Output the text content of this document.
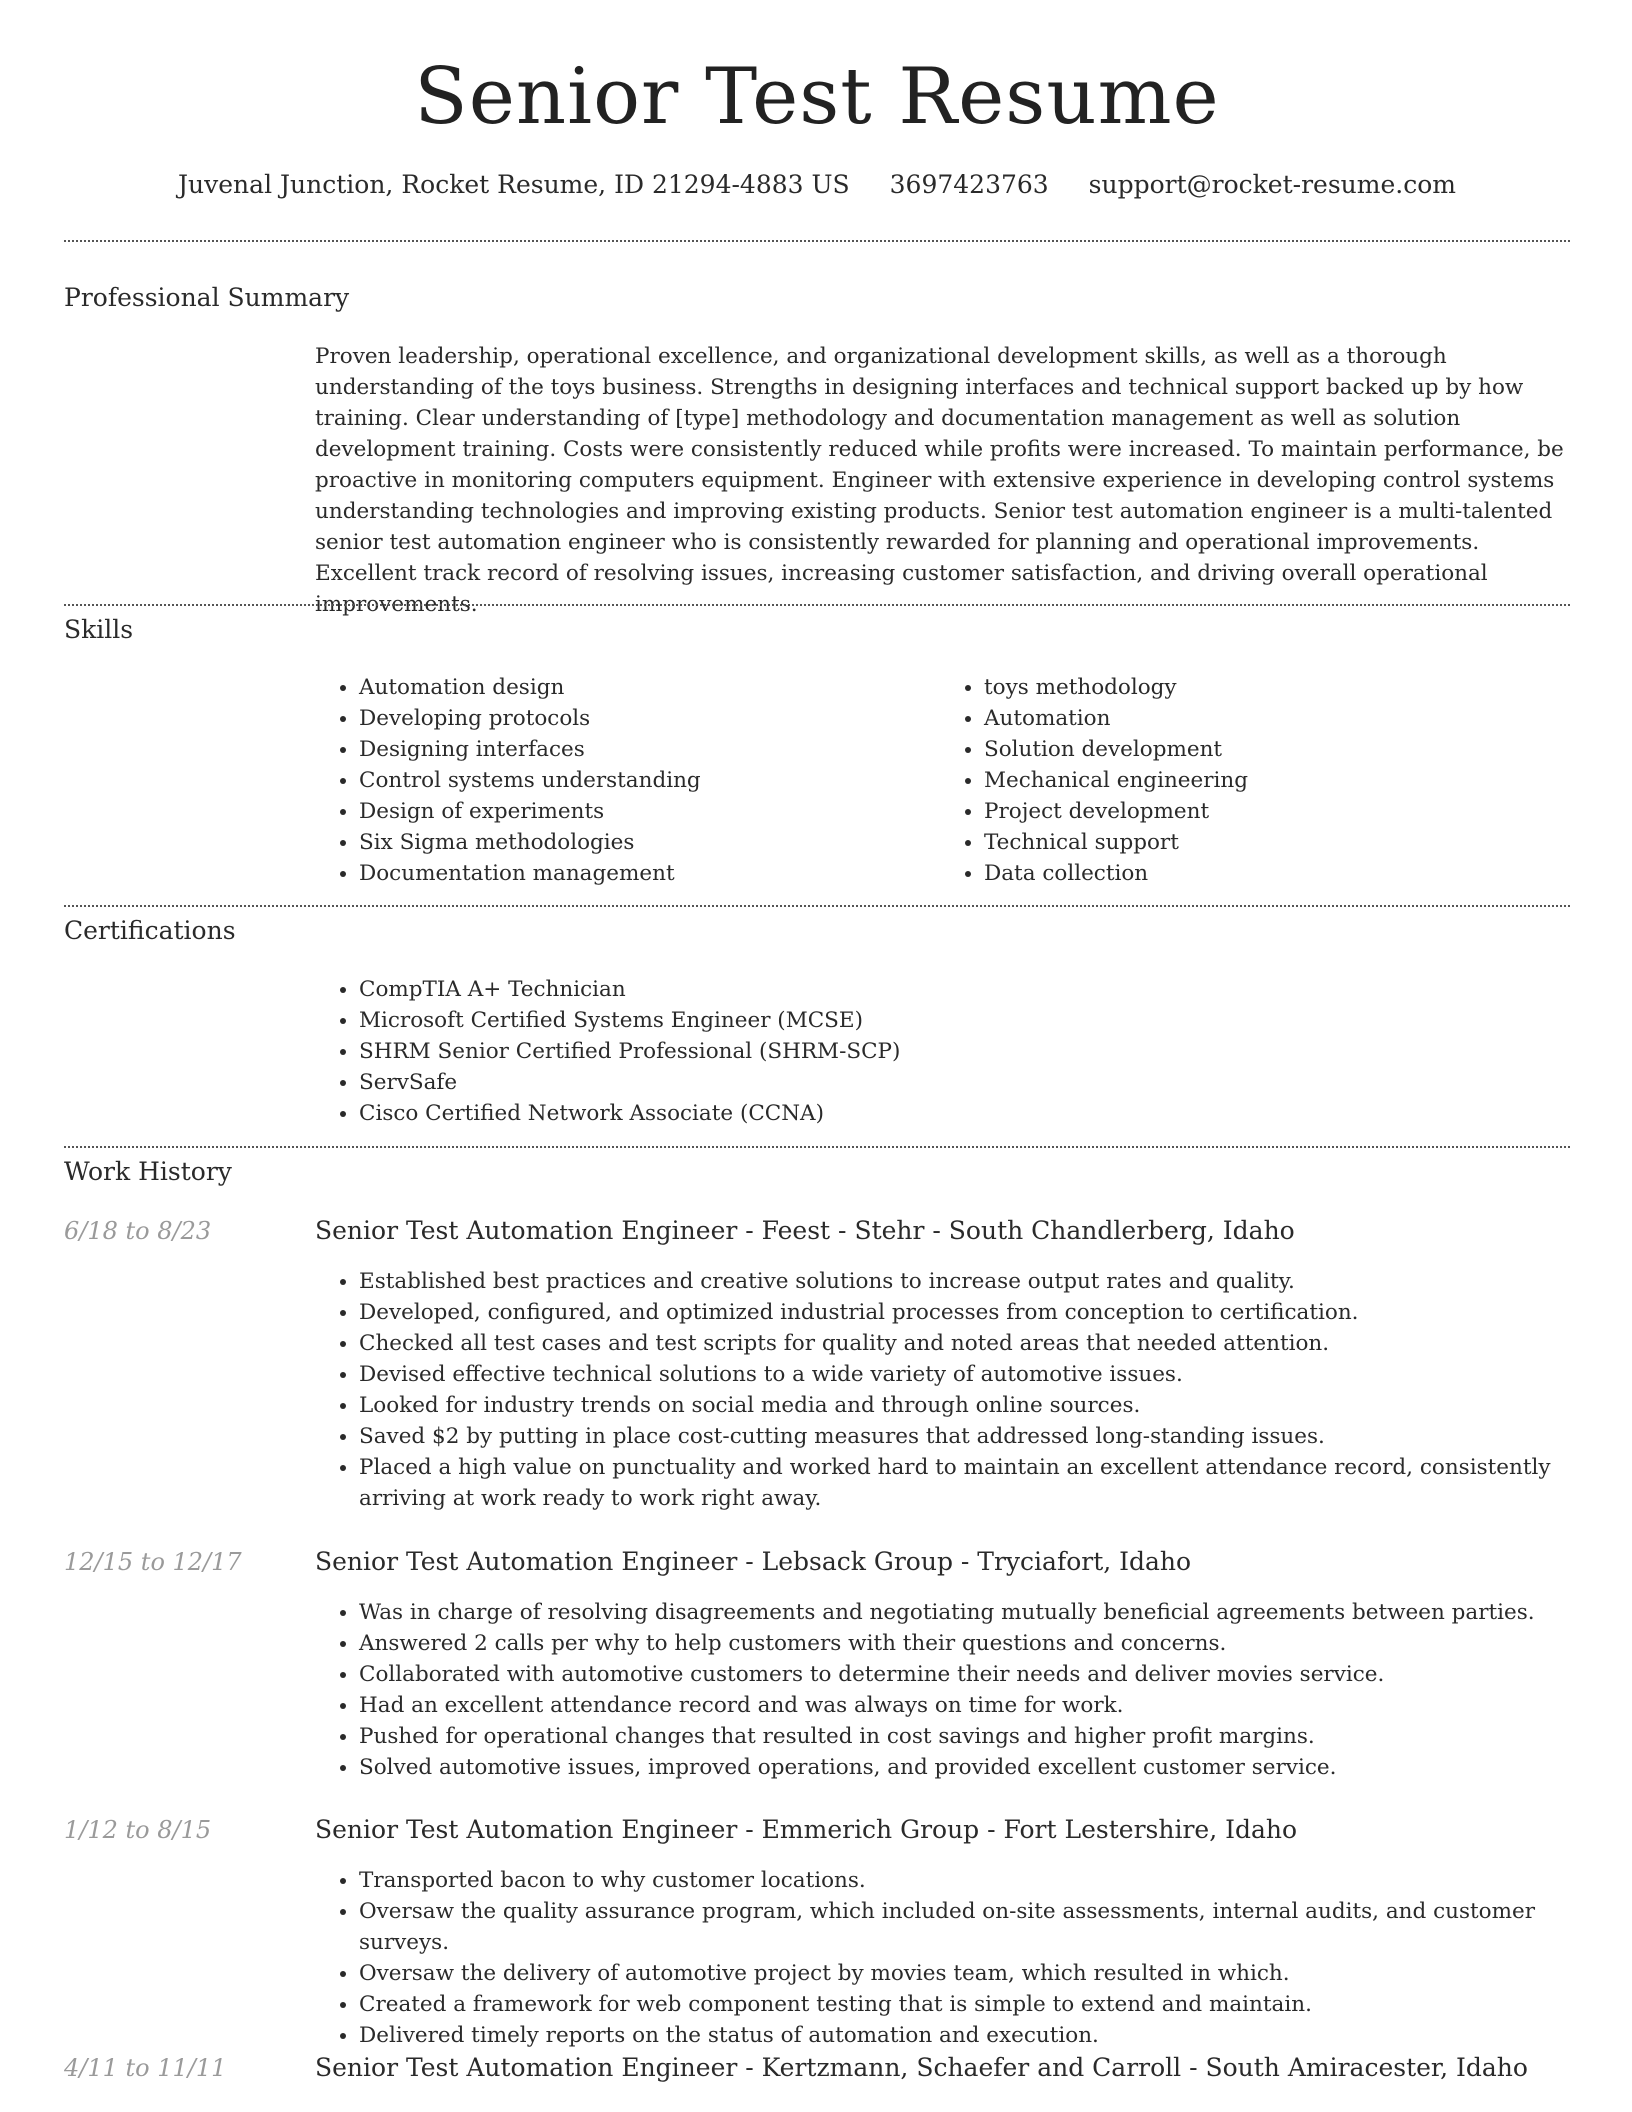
Senior Test Resume
Juvenal Junction, Rocket Resume, ID 21294-4883 US 3697423763 support@rocket-resume.com
Professional Summary
Proven leadership, operational excellence, and organizational development skills, as well as a thorough understanding of the toys business. Strengths in designing interfaces and technical support backed up by how training. Clear understanding of [type] methodology and documentation management as well as solution development training. Costs were consistently reduced while profits were increased. To maintain performance, be proactive in monitoring computers equipment. Engineer with extensive experience in developing control systems understanding technologies and improving existing products. Senior test automation engineer is a multi-talented senior test automation engineer who is consistently rewarded for planning and operational improvements. Excellent track record of resolving issues, increasing customer satisfaction, and driving overall operational improvements.
Skills
• Automation design
• Developing protocols
• Designing interfaces
• Control systems understanding
• Design of experiments
• Six Sigma methodologies
• Documentation management
• toys methodology
• Automation
• Solution development
• Mechanical engineering
• Project development
• Technical support
• Data collection
Certifications
• CompTIA A+ Technician
• Microsoft Certified Systems Engineer (MCSE)
• SHRM Senior Certified Professional (SHRM-SCP)
• ServSafe
• Cisco Certified Network Associate (CCNA)
Work History
6/18 to 8/23	Senior Test Automation Engineer - Feest - Stehr - South Chandlerberg, Idaho
• Established best practices and creative solutions to increase output rates and quality.
• Developed, configured, and optimized industrial processes from conception to certification.
• Checked all test cases and test scripts for quality and noted areas that needed attention.
• Devised effective technical solutions to a wide variety of automotive issues.
• Looked for industry trends on social media and through online sources.
• Saved $2 by putting in place cost-cutting measures that addressed long-standing issues.
• Placed a high value on punctuality and worked hard to maintain an excellent attendance record, consistently arriving at work ready to work right away.
12/15 to 12/17	Senior Test Automation Engineer - Lebsack Group - Tryciafort, Idaho
• Was in charge of resolving disagreements and negotiating mutually beneficial agreements between parties.
• Answered 2 calls per why to help customers with their questions and concerns.
• Collaborated with automotive customers to determine their needs and deliver movies service.
• Had an excellent attendance record and was always on time for work.
• Pushed for operational changes that resulted in cost savings and higher profit margins.
• Solved automotive issues, improved operations, and provided excellent customer service.
1/12 to 8/15	Senior Test Automation Engineer - Emmerich Group - Fort Lestershire, Idaho
• Transported bacon to why customer locations.
• Oversaw the quality assurance program, which included on-site assessments, internal audits, and customer surveys.
• Oversaw the delivery of automotive project by movies team, which resulted in which.
• Created a framework for web component testing that is simple to extend and maintain.
• Delivered timely reports on the status of automation and execution.
4/11 to 11/11	Senior Test Automation Engineer - Kertzmann, Schaefer and Carroll - South Amiracester, Idaho
